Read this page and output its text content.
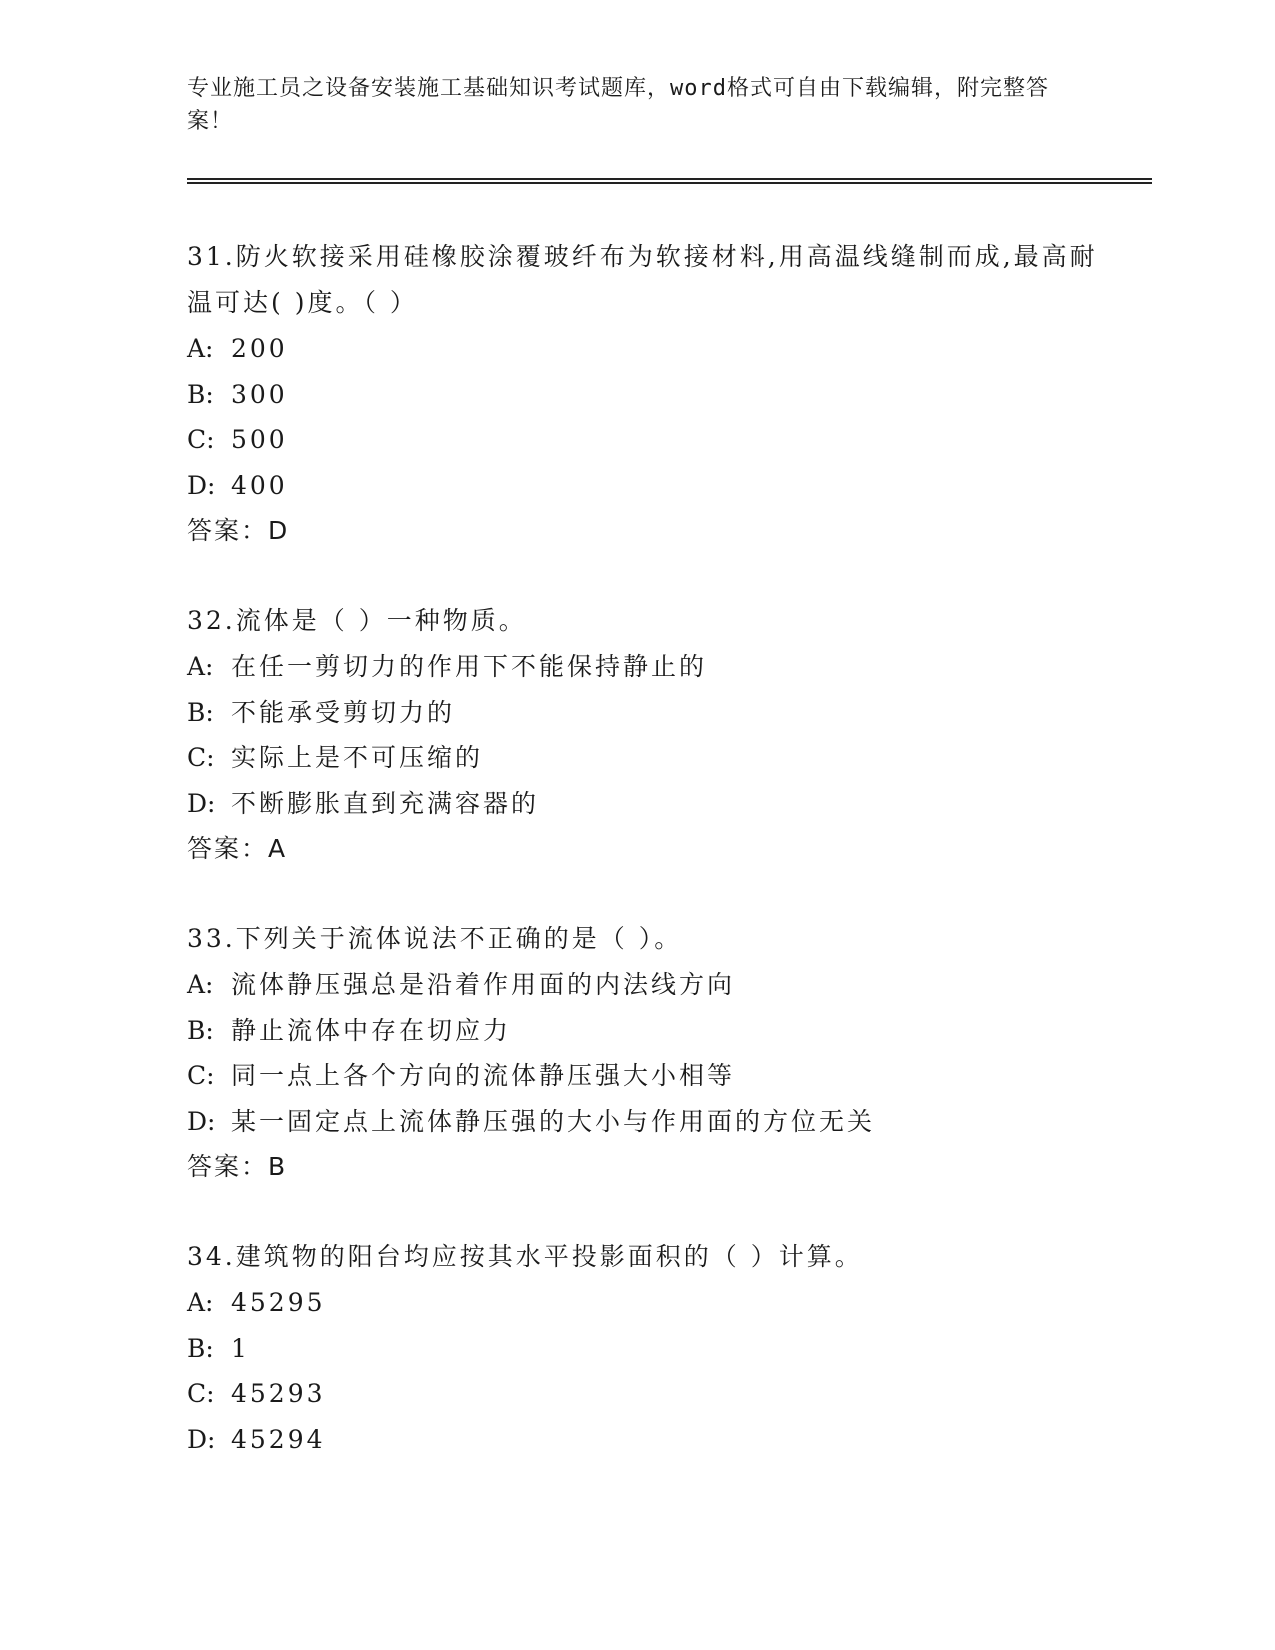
专业施工员之设备安装施工基础知识考试题库，word格式可自由下载编辑，附完整答案！
31.防火软接采用硅橡胶涂覆玻纤布为软接材料,用高温线缝制而成,最高耐温可达( )度。（ ）
A: 200
B: 300
C: 500
D: 400
答案：D
32.流体是（ ）一种物质。
A: 在任一剪切力的作用下不能保持静止的
B: 不能承受剪切力的
C: 实际上是不可压缩的
D: 不断膨胀直到充满容器的
答案：A
33.下列关于流体说法不正确的是（ ）。
A: 流体静压强总是沿着作用面的内法线方向
B: 静止流体中存在切应力
C: 同一点上各个方向的流体静压强大小相等
D: 某一固定点上流体静压强的大小与作用面的方位无关
答案：B
34.建筑物的阳台均应按其水平投影面积的（ ）计算。
A: 45295
B: 1
C: 45293
D: 45294
